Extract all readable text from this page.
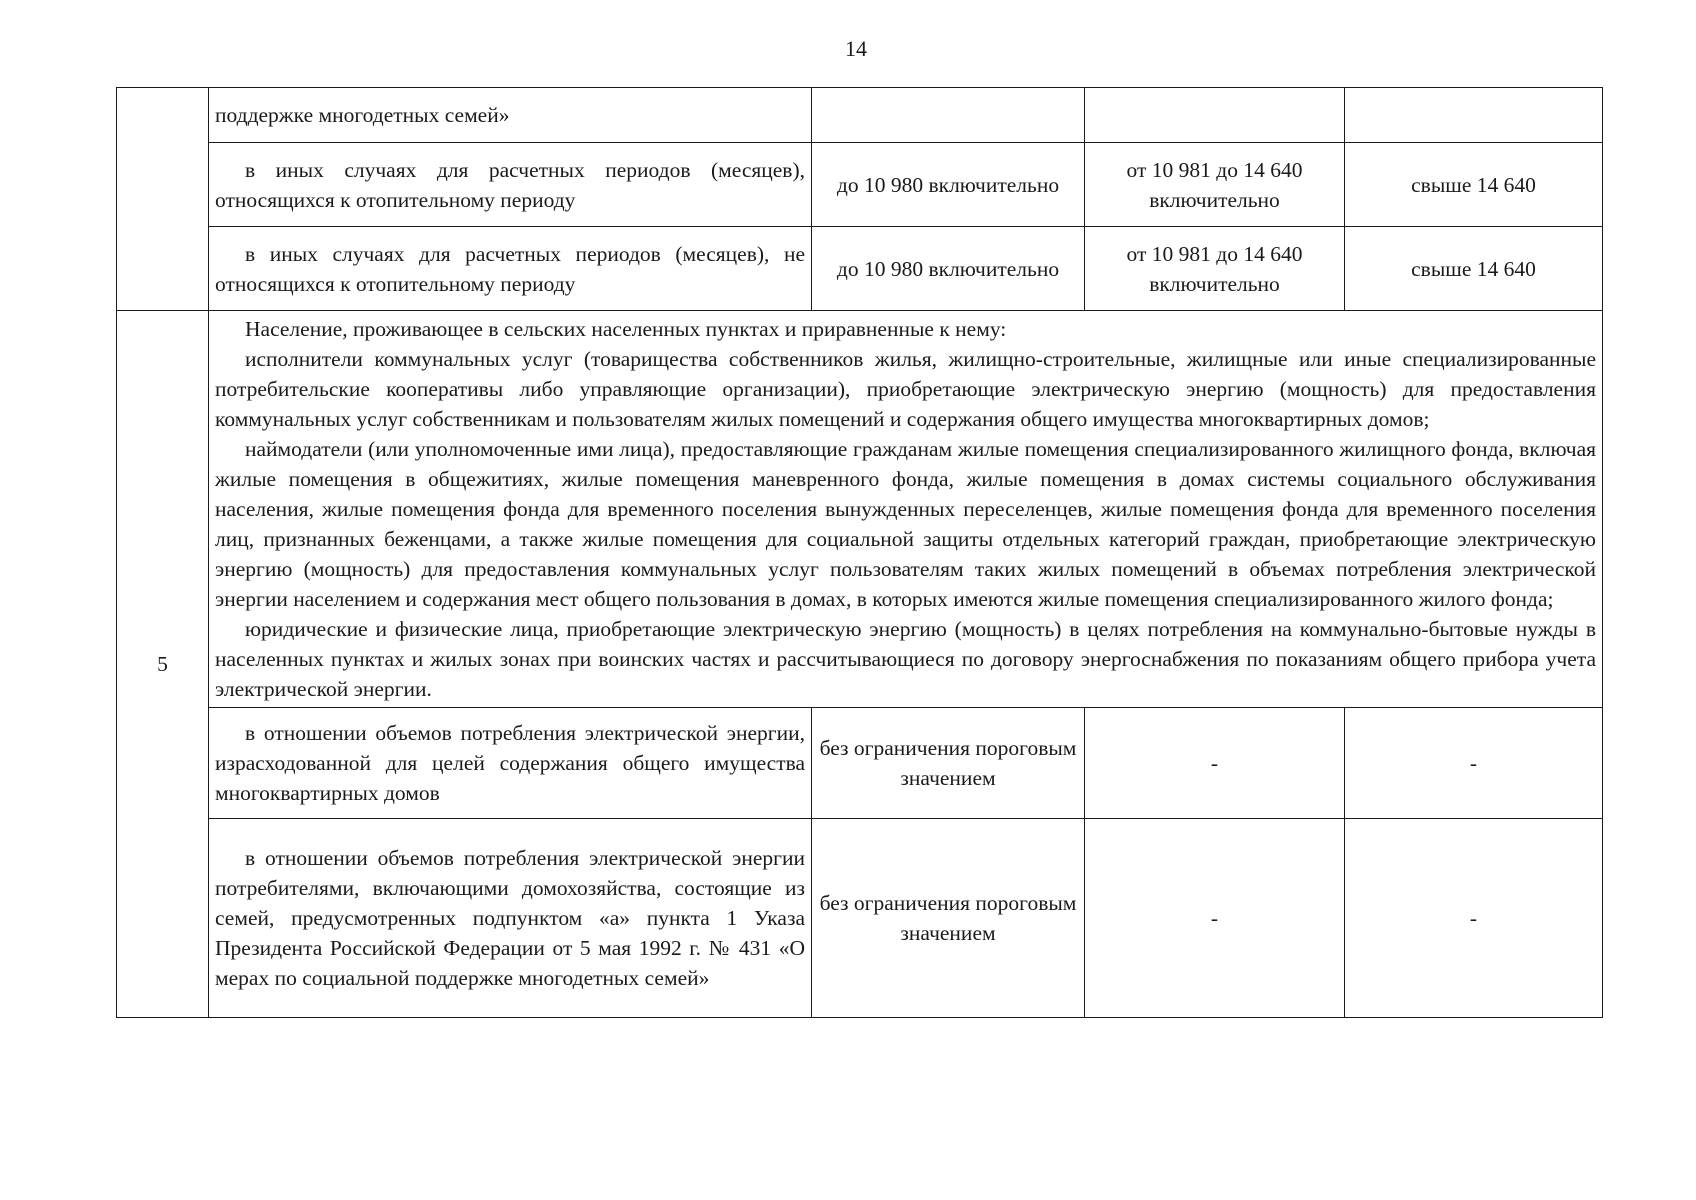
14
	поддержке многодетных семей»			
	в иных случаях для расчетных периодов (месяцев), относящихся к отопительному периоду	до 10 980 включительно	от 10 981 до 14 640 включительно	свыше 14 640
	в иных случаях для расчетных периодов (месяцев), не относящихся к отопительному периоду	до 10 980 включительно	от 10 981 до 14 640 включительно	свыше 14 640
5	Население, проживающее в сельских населенных пунктах и приравненные к нему:

исполнители коммунальных услуг (товарищества собственников жилья, жилищно-строительные, жилищные или иные специализированные потребительские кооперативы либо управляющие организации), приобретающие электрическую энергию (мощность) для предоставления коммунальных услуг собственникам и пользователям жилых помещений и содержания общего имущества многоквартирных домов;

наймодатели (или уполномоченные ими лица), предоставляющие гражданам жилые помещения специализированного жилищного фонда, включая жилые помещения в общежитиях, жилые помещения маневренного фонда, жилые помещения в домах системы социального обслуживания населения, жилые помещения фонда для временного поселения вынужденных переселенцев, жилые помещения фонда для временного поселения лиц, признанных беженцами, а также жилые помещения для социальной защиты отдельных категорий граждан, приобретающие электрическую энергию (мощность) для предоставления коммунальных услуг пользователям таких жилых помещений в объемах потребления электрической энергии населением и содержания мест общего пользования в домах, в которых имеются жилые помещения специализированного жилого фонда;

юридические и физические лица, приобретающие электрическую энергию (мощность) в целях потребления на коммунально-бытовые нужды в населенных пунктах и жилых зонах при воинских частях и рассчитывающиеся по договору энергоснабжения по показаниям общего прибора учета электрической энергии.			

	в отношении объемов потребления электрической энергии, израсходованной для целей содержания общего имущества многоквартирных домов	без ограничения пороговым значением	-	-
	в отношении объемов потребления электрической энергии потребителями, включающими домохозяйства, состоящие из семей, предусмотренных подпунктом «а» пункта 1 Указа Президента Российской Федерации от 5 мая 1992 г. № 431 «О мерах по социальной поддержке многодетных семей»	без ограничения пороговым значением	-	-
